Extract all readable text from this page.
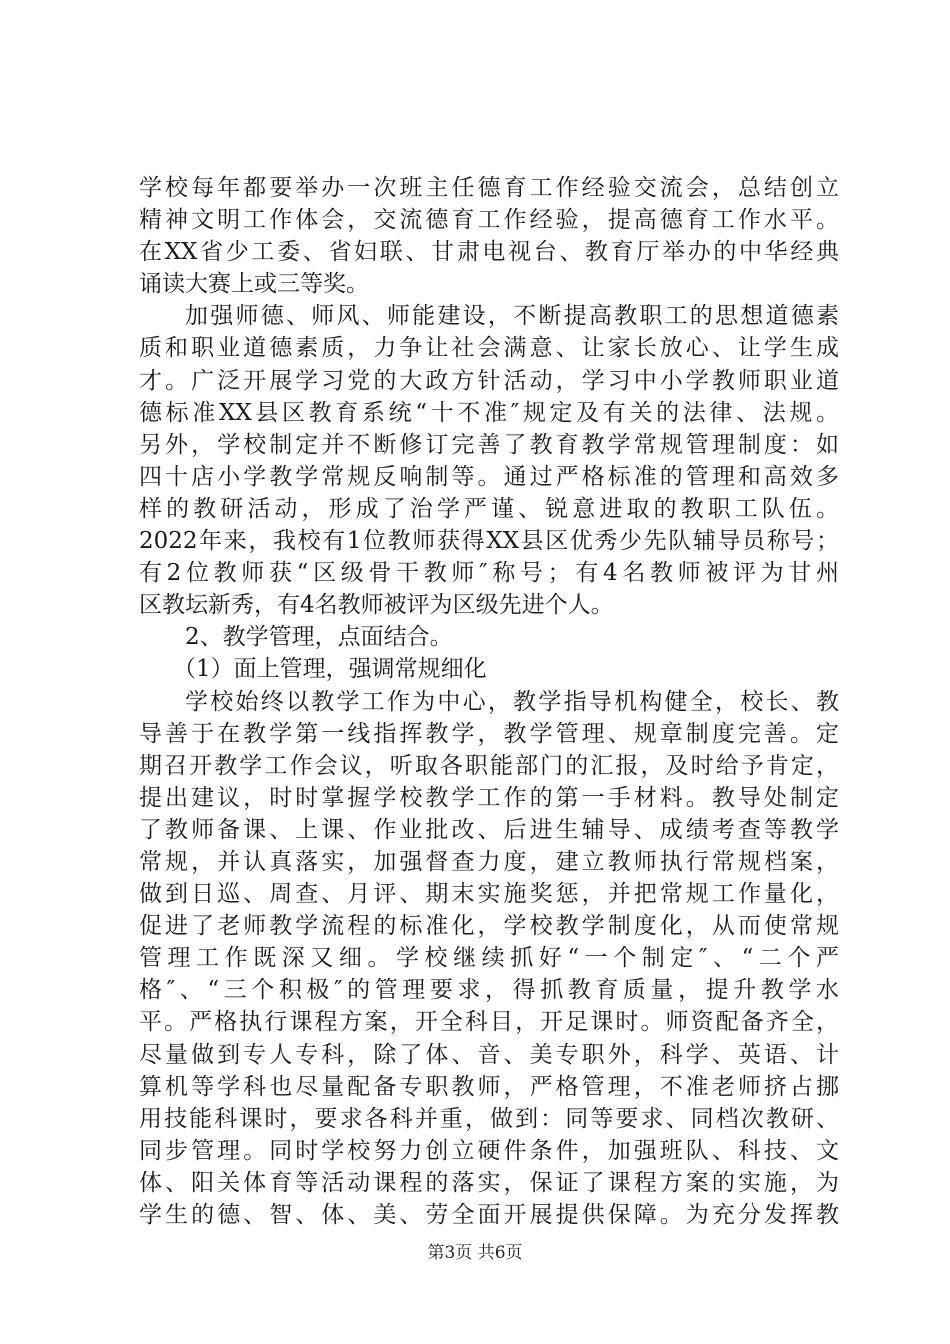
学校每年都要举办一次班主任德育工作经验交流会，总结创立
精神文明工作体会，交流德育工作经验，提高德育工作水平。
在XX省少工委、省妇联、甘肃电视台、教育厅举办的中华经典
诵读大赛上或三等奖。
加强师德、师风、师能建设，不断提高教职工的思想道德素
质和职业道德素质，力争让社会满意、让家长放心、让学生成
才。广泛开展学习党的大政方针活动，学习中小学教师职业道
德标准XX县区教育系统“十不准″规定及有关的法律、法规。
另外，学校制定并不断修订完善了教育教学常规管理制度：如
四十店小学教学常规反响制等。通过严格标准的管理和高效多
样的教研活动，形成了治学严谨、锐意进取的教职工队伍。
2022年来，我校有1位教师获得XX县区优秀少先队辅导员称号；
有2位教师获“区级骨干教师″称号；有4名教师被评为甘州
区教坛新秀，有4名教师被评为区级先进个人。
2、教学管理，点面结合。
（1）面上管理，强调常规细化
学校始终以教学工作为中心，教学指导机构健全，校长、教
导善于在教学第一线指挥教学，教学管理、规章制度完善。定
期召开教学工作会议，听取各职能部门的汇报，及时给予肯定，
提出建议，时时掌握学校教学工作的第一手材料。教导处制定
了教师备课、上课、作业批改、后进生辅导、成绩考查等教学
常规，并认真落实，加强督查力度，建立教师执行常规档案，
做到日巡、周查、月评、期末实施奖惩，并把常规工作量化，
促进了老师教学流程的标准化，学校教学制度化，从而使常规
管理工作既深又细。学校继续抓好“一个制定″、“二个严
格″、“三个积极″的管理要求，得抓教育质量，提升教学水
平。严格执行课程方案，开全科目，开足课时。师资配备齐全，
尽量做到专人专科，除了体、音、美专职外，科学、英语、计
算机等学科也尽量配备专职教师，严格管理，不准老师挤占挪
用技能科课时，要求各科并重，做到：同等要求、同档次教研、
同步管理。同时学校努力创立硬件条件，加强班队、科技、文
体、阳关体育等活动课程的落实，保证了课程方案的实施，为
学生的德、智、体、美、劳全面开展提供保障。为充分发挥教
第3页 共6页
